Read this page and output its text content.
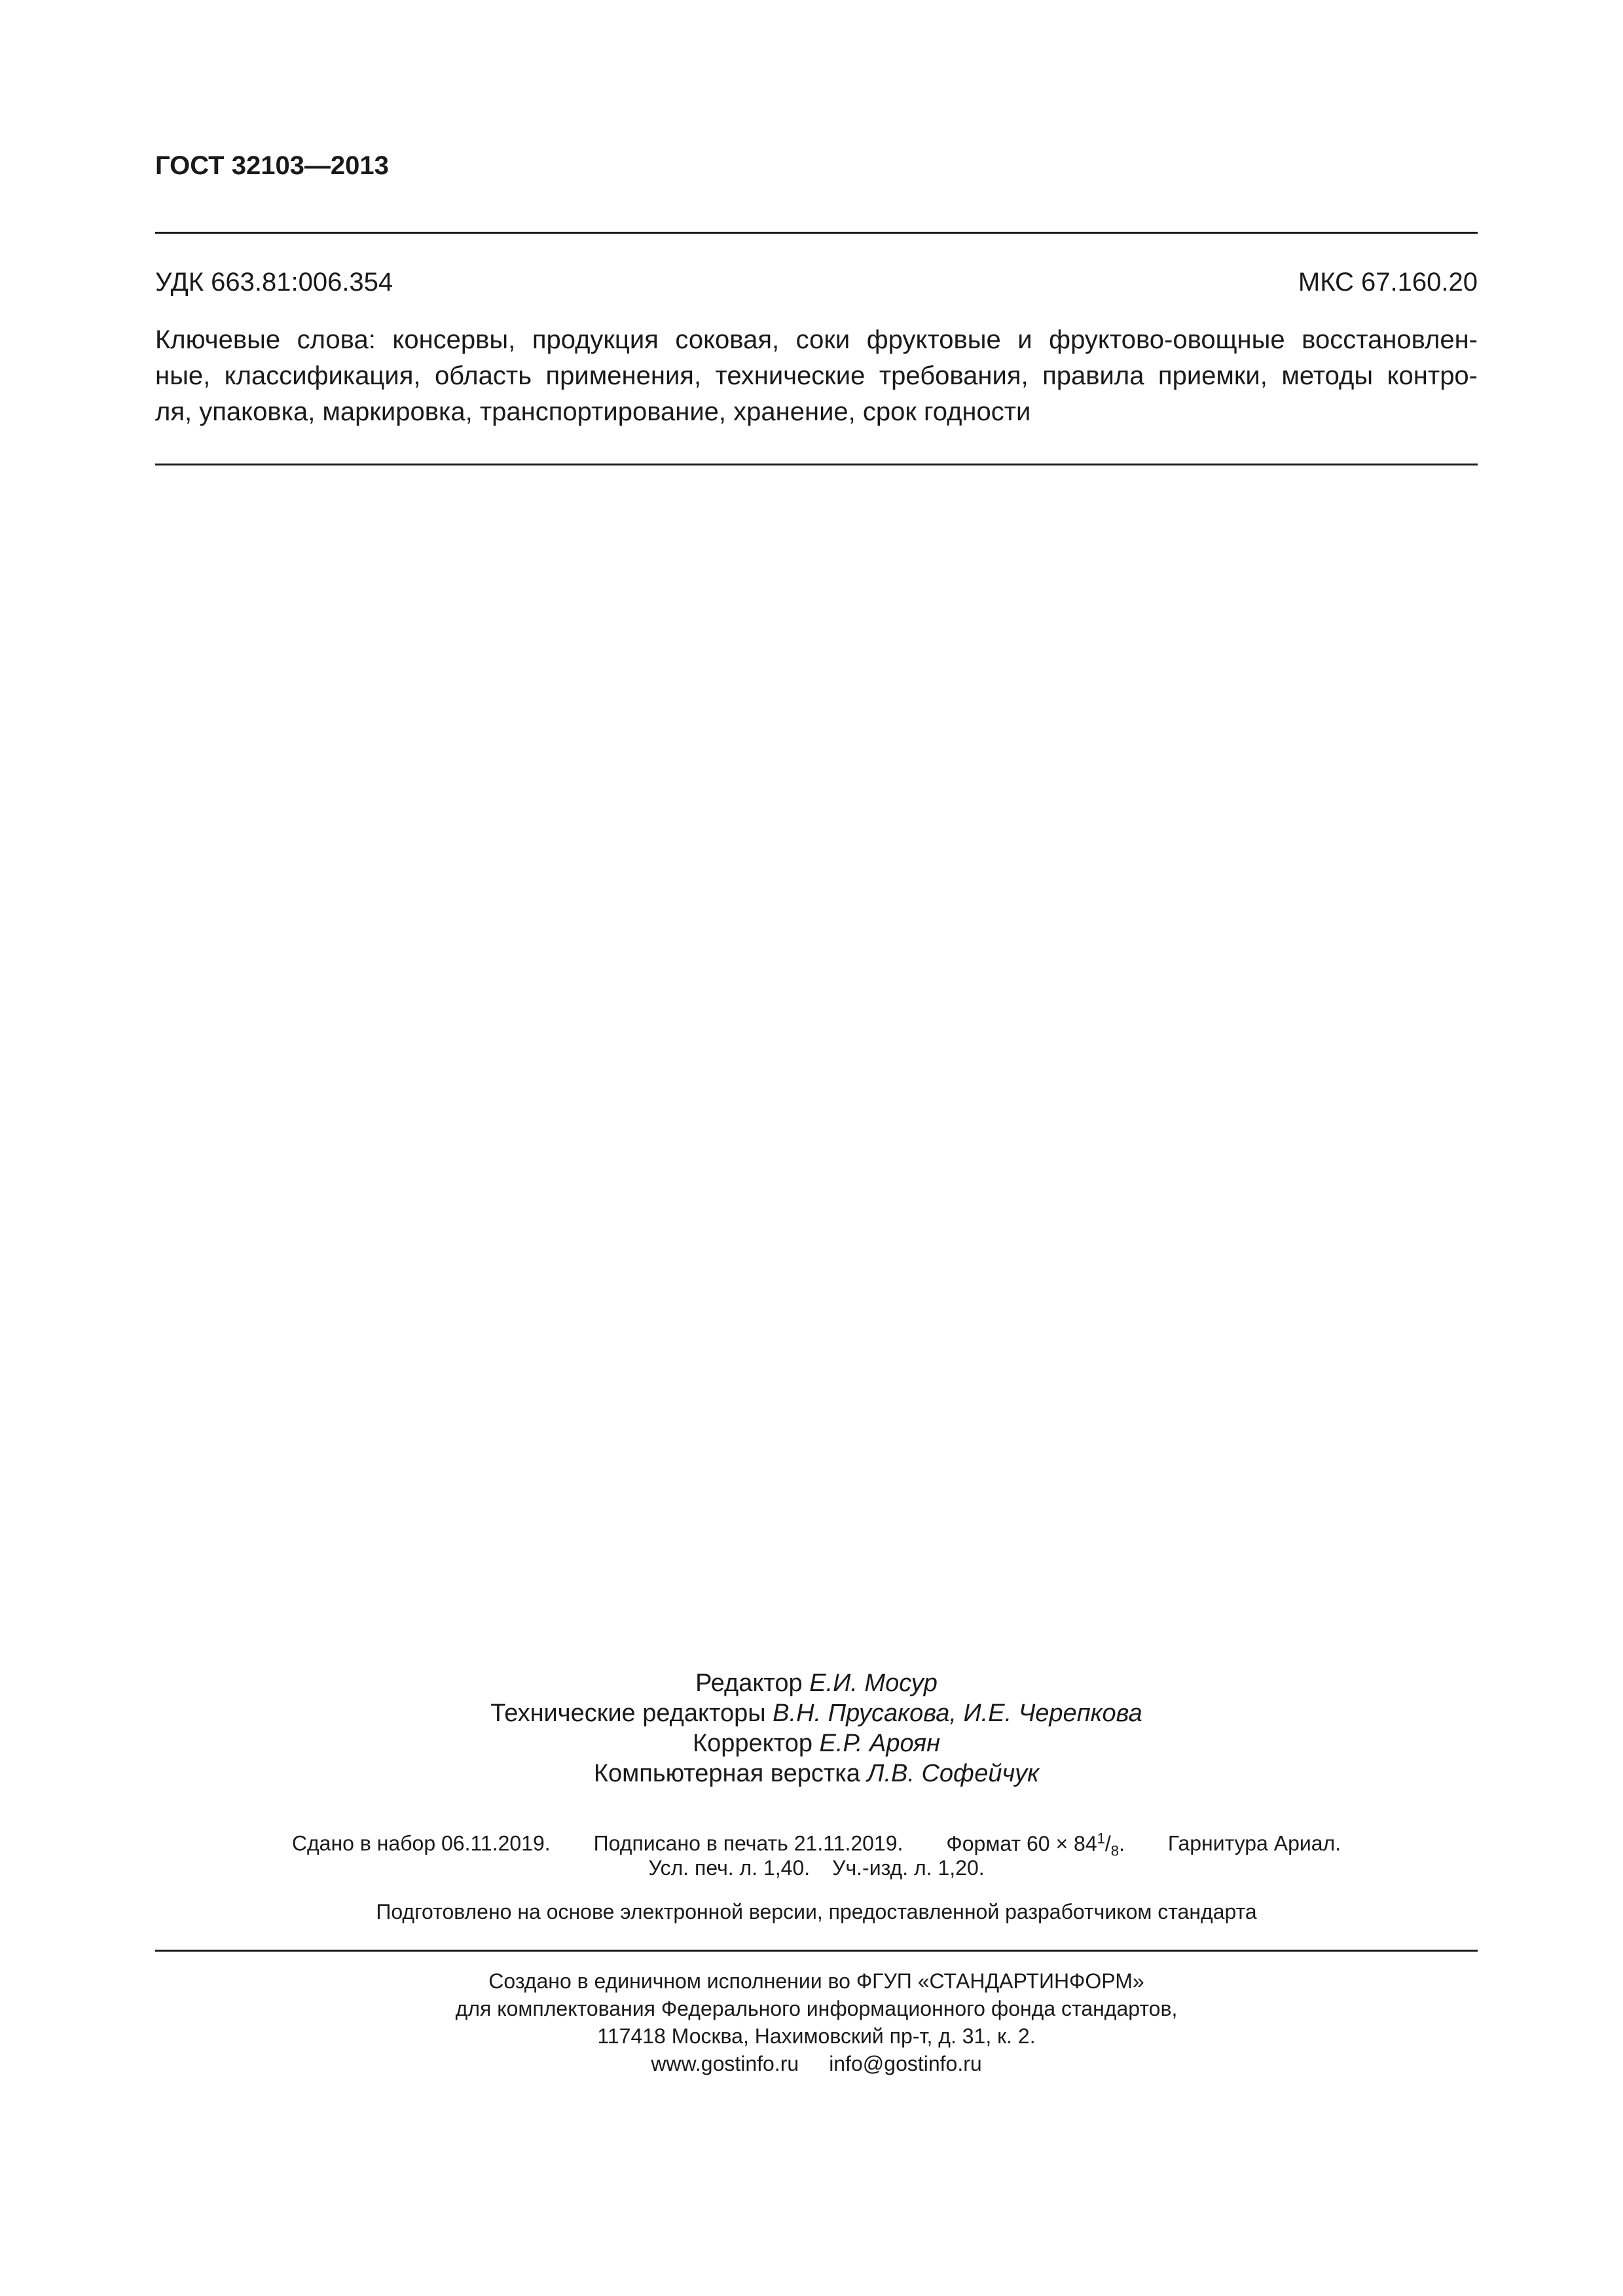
ГОСТ 32103—2013
УДК 663.81:006.354	МКС 67.160.20
Ключевые слова: консервы, продукция соковая, соки фруктовые и фруктово-овощные восстановлен-
ные, классификация, область применения, технические требования, правила приемки, методы контро-
ля, упаковка, маркировка, транспортирование, хранение, срок годности
Редактор Е.И. Мосур
Технические редакторы В.Н. Прусакова, И.Е. Черепкова
Корректор Е.Р. Ароян
Компьютерная верстка Л.В. Софейчук
Сдано в набор 06.11.2019. Подписано в печать 21.11.2019. Формат $60 \times 84^1/_8$. Гарнитура Ариал.
Усл. печ. л. 1,40. Уч.-изд. л. 1,20.
Подготовлено на основе электронной версии, предоставленной разработчиком стандарта
Создано в единичном исполнении во ФГУП «СТАНДАРТИНФОРМ»
для комплектования Федерального информационного фонда стандартов,
117418 Москва, Нахимовский пр-т, д. 31, к. 2.
www.gostinfo.ru info@gostinfo.ru
